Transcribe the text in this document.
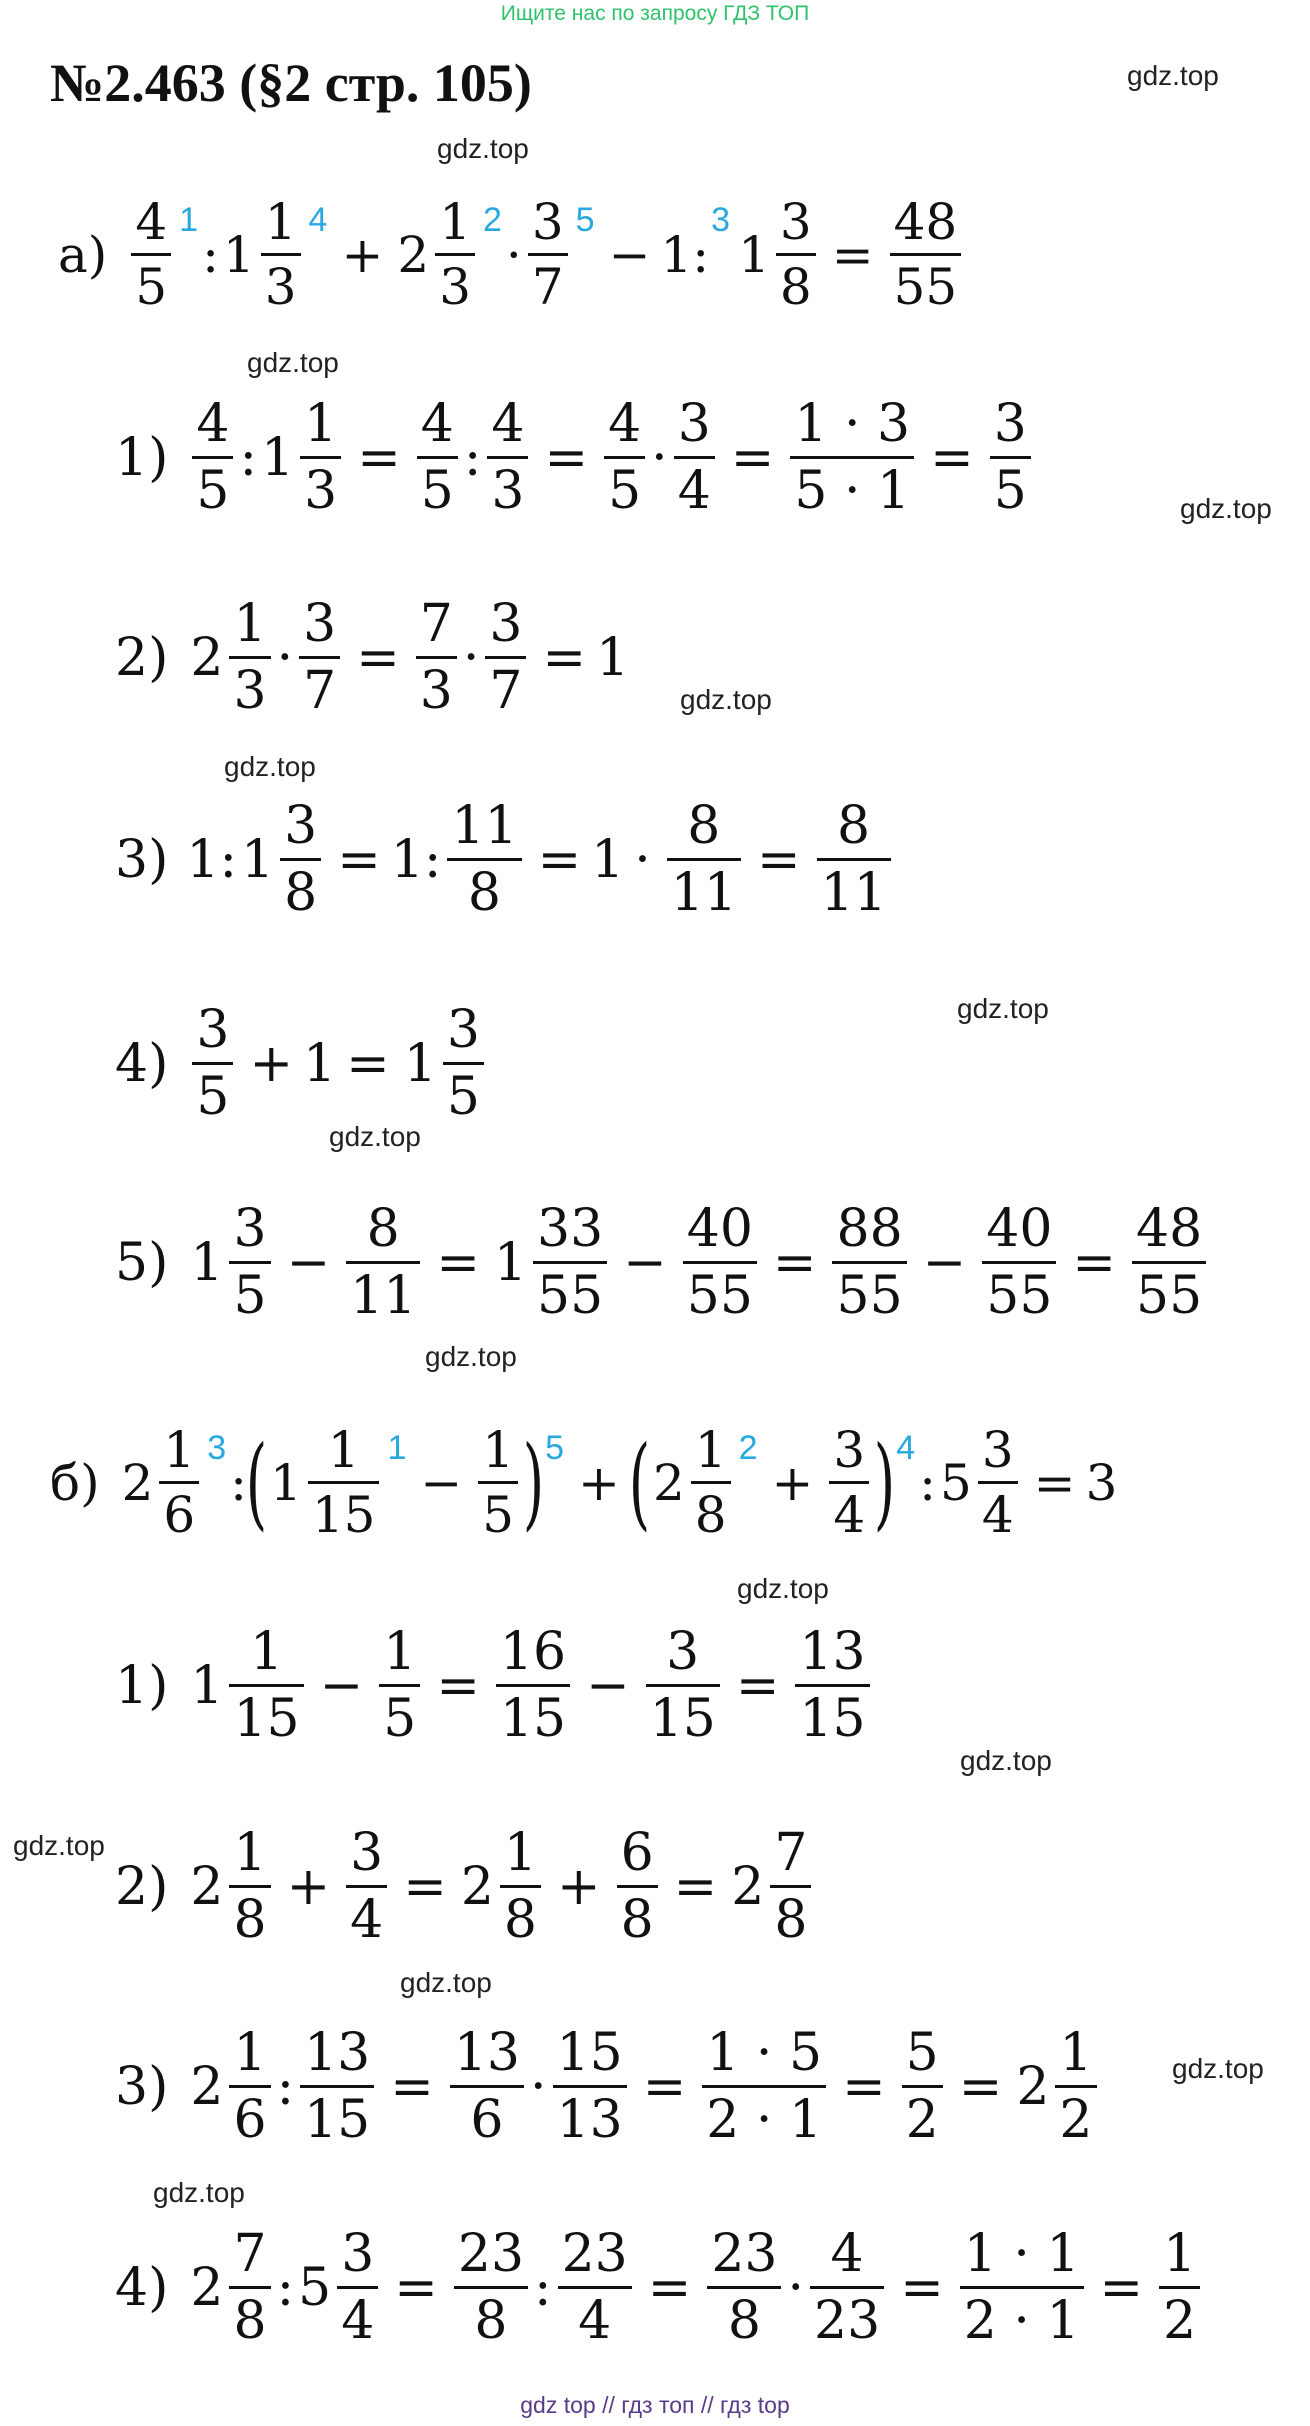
Ищите нас по запросу ГДЗ ТОП
№2.463 (§2 стр. 105)	gdz.top
gdz.top
gdz.top
gdz.top
gdz.top
gdz.top
gdz.top
gdz.top
gdz.top
gdz.top
gdz.top
gdz.top
gdz.top
gdz.top
gdz.top
$а) \frac{4}{5} 1$
: $1 \frac{1}{3} 4$
+ $2 \frac{1}{3} 2$
· $\frac{3}{7} 5$
− 1 :
3
$1 \frac{3}{8} = \frac{48}{55}$
$1) \frac{4}{5}$ : $1 \frac{1}{3} = \frac{4}{5}$ : $\frac{4}{3} = \frac{4}{5} \cdot \frac{3}{4} = \frac{1 \cdot 3}{5 \cdot 1} = \frac{3}{5}$
2) $2 \frac{1}{3} \cdot \frac{3}{7} = \frac{7}{3} \cdot \frac{3}{7} = 1$
3) 1 : $1 \frac{3}{8} = 1$ : $\frac{11}{8} = 1 \cdot \frac{8}{11} = \frac{8}{11}$
$4) \frac{3}{5} + 1 = 1 \frac{3}{5}$
5) $1 \frac{3}{5} - \frac{8}{11} = 1 \frac{33}{55} - \frac{40}{55} = \frac{88}{55} - \frac{40}{55} = \frac{48}{55}$
б) $2 \frac{1}{6} 3$
:
( $1 \frac{1}{15} 1$
− $\frac{1}{5}$ ) 5
+ ( $2 \frac{1}{8} 2$
+ $\frac{3}{4}$ ) 4
: $5 \frac{3}{4} = 3$
1) $1 \frac{1}{15} - \frac{1}{5} = \frac{16}{15} - \frac{3}{15} = \frac{13}{15}$
2) $2 \frac{1}{8} + \frac{3}{4} = 2 \frac{1}{8} + \frac{6}{8} = 2 \frac{7}{8}$
3) $2 \frac{1}{6}$ : $\frac{13}{15} = \frac{13}{6} \cdot \frac{15}{13} = \frac{1 \cdot 5}{2 \cdot 1} = \frac{5}{2} = 2 \frac{1}{2}$
4) $2 \frac{7}{8}$ : $5 \frac{3}{4} = \frac{23}{8}$ : $\frac{23}{4} = \frac{23}{8} \cdot \frac{4}{23} = \frac{1 \cdot 1}{2 \cdot 1} = \frac{1}{2}$
gdz top // гдз топ // гдз top
